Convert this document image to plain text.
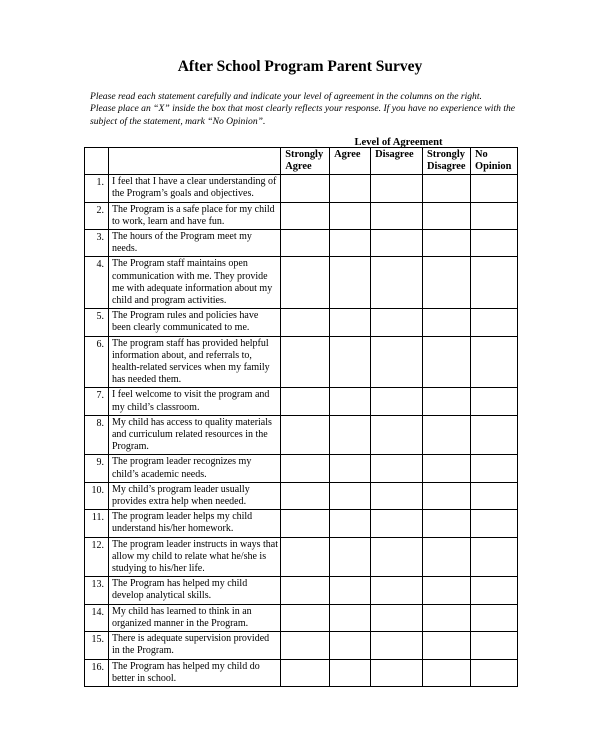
After School Program Parent Survey

Please read each statement carefully and indicate your level of agreement in the columns on the right.

Please place an “X” inside the box that most clearly reflects your response. If you have no experience with the subject of the statement, mark “No Opinion”.

Level of Agreement
		Strongly Agree	Agree	Disagree	Strongly Disagree	No Opinion
1.	I feel that I have a clear understanding of the Program’s goals and objectives.					
2.	The Program is a safe place for my child to work, learn and have fun.					
3.	The hours of the Program meet my needs.					
4.	The Program staff maintains open communication with me. They provide me with adequate information about my child and program activities.					
5.	The Program rules and policies have been clearly communicated to me.					
6.	The program staff has provided helpful information about, and referrals to, health-related services when my family has needed them.					
7.	I feel welcome to visit the program and my child’s classroom.					
8.	My child has access to quality materials and curriculum related resources in the Program.					
9.	The program leader recognizes my child’s academic needs.					
10.	My child’s program leader usually provides extra help when needed.					
11.	The program leader helps my child understand his/her homework.					
12.	The program leader instructs in ways that allow my child to relate what he/she is studying to his/her life.					
13.	The Program has helped my child develop analytical skills.					
14.	My child has learned to think in an organized manner in the Program.					
15.	There is adequate supervision provided in the Program.					
16.	The Program has helped my child do better in school.					
